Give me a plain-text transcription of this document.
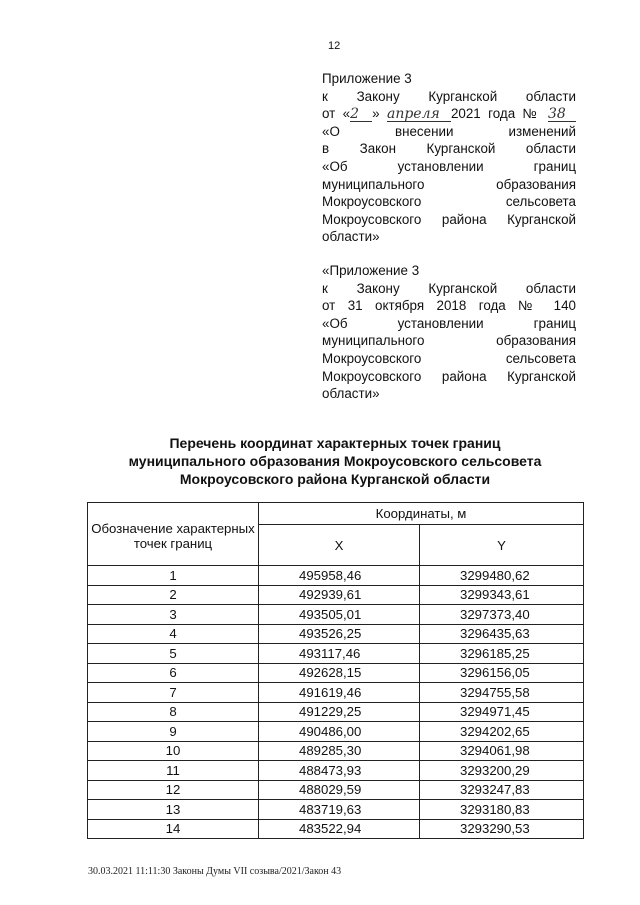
12
Приложение 3
к Закону Курганской области
от «2 » апреля 2021 года № 38
«О внесении изменений
в Закон Курганской области
«Об установлении границ
муниципального образования
Мокроусовского сельсовета
Мокроусовского района Курганской
области»
«Приложение 3
к Закону Курганской области
от 31 октября 2018 года № 140
«Об установлении границ
муниципального образования
Мокроусовского сельсовета
Мокроусовского района Курганской
области»
Перечень координат характерных точек границ
муниципального образования Мокроусовского сельсовета
Мокроусовского района Курганской области
Обозначение характерных точек границ	Координаты, м	
	X	Y
1	495958,46	3299480,62
2	492939,61	3299343,61
3	493505,01	3297373,40
4	493526,25	3296435,63
5	493117,46	3296185,25
6	492628,15	3296156,05
7	491619,46	3294755,58
8	491229,25	3294971,45
9	490486,00	3294202,65
10	489285,30	3294061,98
11	488473,93	3293200,29
12	488029,59	3293247,83
13	483719,63	3293180,83
14	483522,94	3293290,53
30.03.2021 11:11:30 Законы Думы VII созыва/2021/Закон 43
